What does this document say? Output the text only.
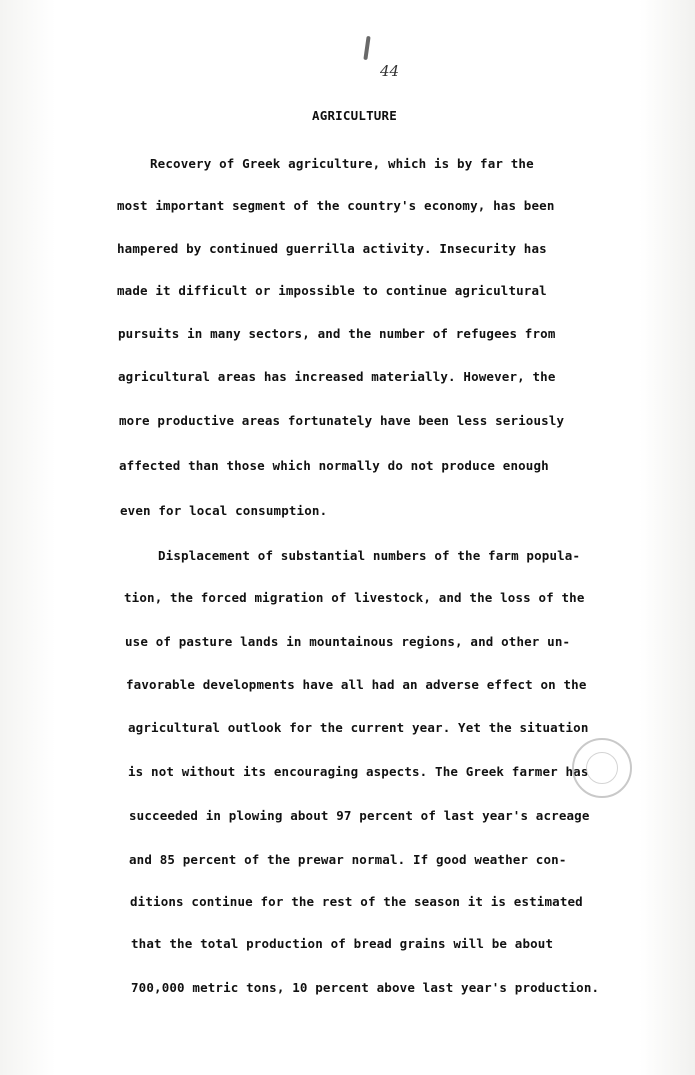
44
AGRICULTURE
Recovery of Greek agriculture, which is by far the
most important segment of the country's economy, has been
hampered by continued guerrilla activity. Insecurity has
made it difficult or impossible to continue agricultural
pursuits in many sectors, and the number of refugees from
agricultural areas has increased materially. However, the
more productive areas fortunately have been less seriously
affected than those which normally do not produce enough
even for local consumption.
Displacement of substantial numbers of the farm popula-
tion, the forced migration of livestock, and the loss of the
use of pasture lands in mountainous regions, and other un-
favorable developments have all had an adverse effect on the
agricultural outlook for the current year. Yet the situation
is not without its encouraging aspects. The Greek farmer has
succeeded in plowing about 97 percent of last year's acreage
and 85 percent of the prewar normal. If good weather con-
ditions continue for the rest of the season it is estimated
that the total production of bread grains will be about
700,000 metric tons, 10 percent above last year's production.
